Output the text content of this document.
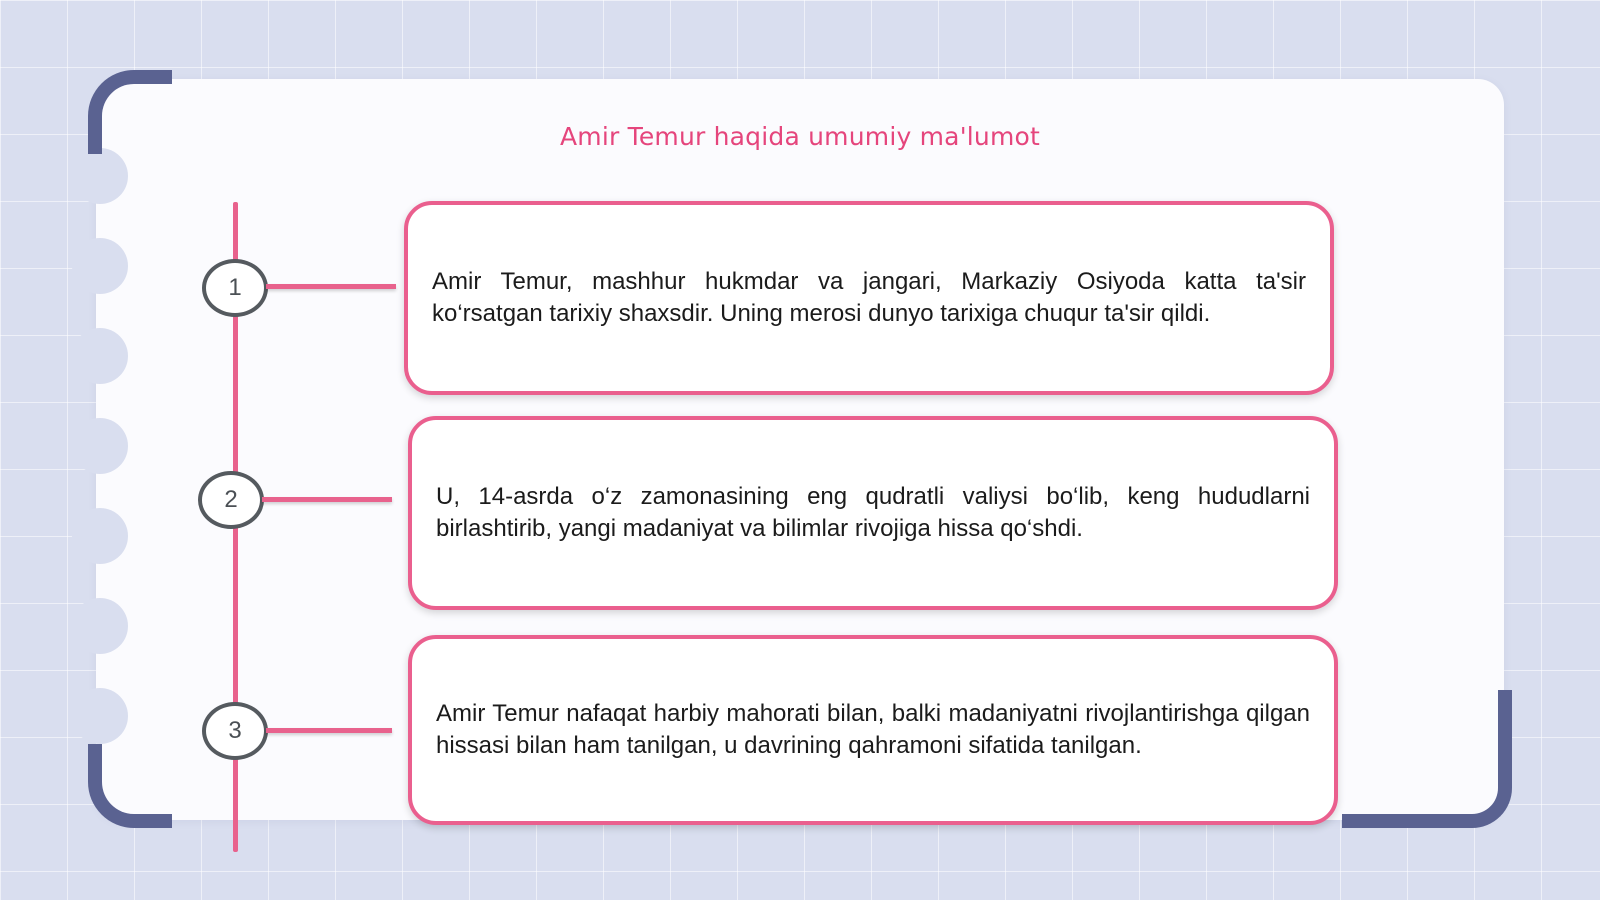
Amir Temur haqida umumiy ma'lumot
1	Amir Temur, mashhur hukmdar va jangari, Markaziy Osiyoda katta ta'sir ko‘rsatgan tarixiy shaxsdir. Uning merosi dunyo tarixiga chuqur ta'sir qildi.
2	U, 14-asrda o‘z zamonasining eng qudratli valiysi bo‘lib, keng hududlarni birlashtirib, yangi madaniyat va bilimlar rivojiga hissa qo‘shdi.
3
Amir Temur nafaqat harbiy mahorati bilan, balki madaniyatni rivojlantirishga qilgan hissasi bilan ham tanilgan, u davrining qahramoni sifatida tanilgan.
